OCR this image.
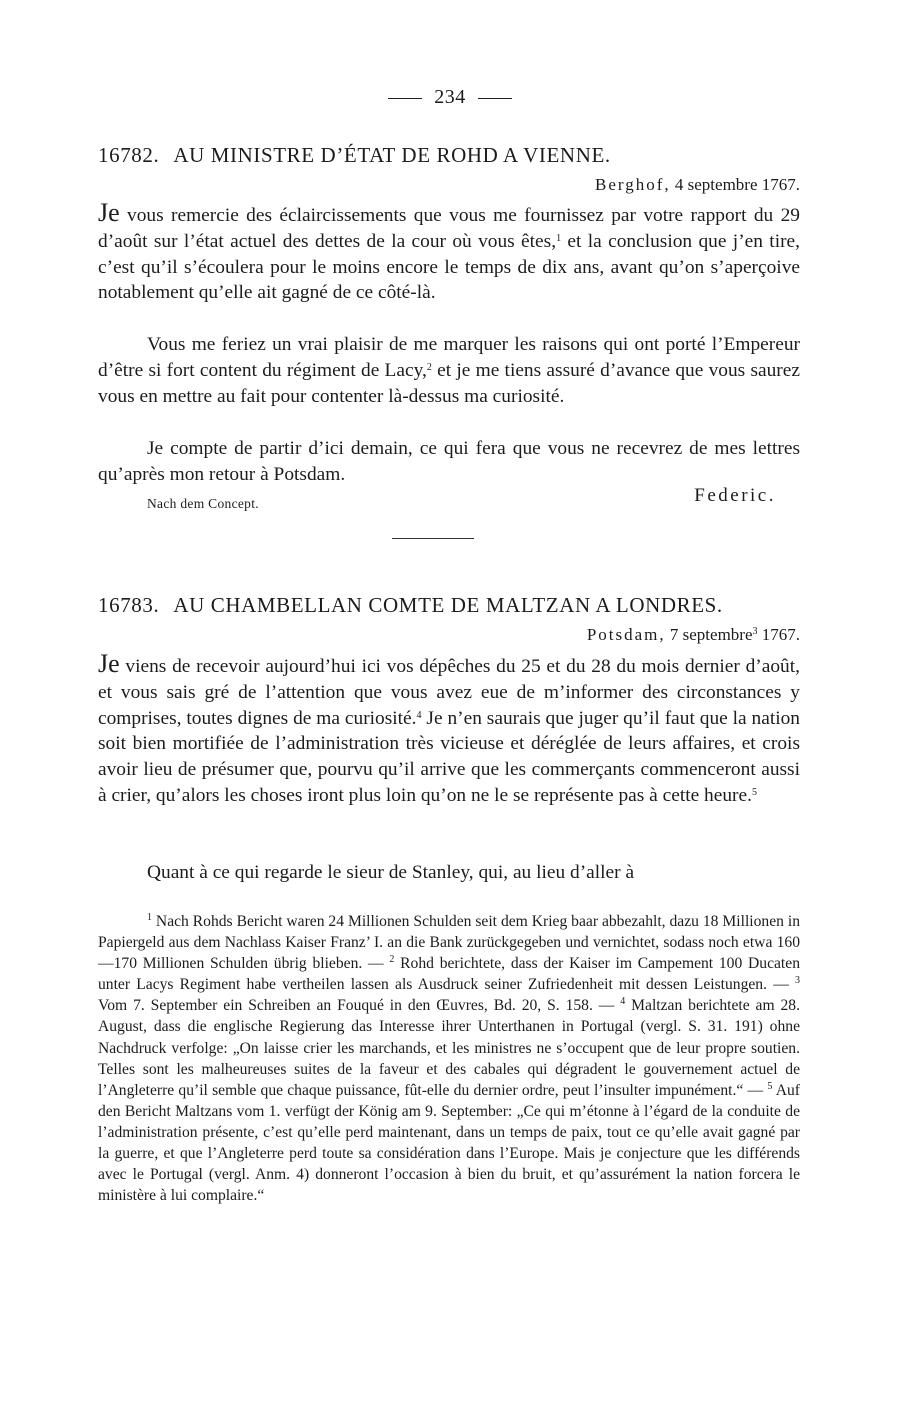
234
16782. AU MINISTRE D’ÉTAT DE ROHD A VIENNE.
Berghof, 4 septembre 1767.

Je vous remercie des éclaircissements que vous me fournissez par votre rapport du 29 d’août sur l’état actuel des dettes de la cour où vous êtes,$^1$ et la conclusion que j’en tire, c’est qu’il s’écoulera pour le moins encore le temps de dix ans, avant qu’on s’aperçoive notablement qu’elle ait gagné de ce côté-là.

Vous me feriez un vrai plaisir de me marquer les raisons qui ont porté l’Empereur d’être si fort content du régiment de Lacy,$^2$ et je me tiens assuré d’avance que vous saurez vous en mettre au fait pour contenter là-dessus ma curiosité.

Je compte de partir d’ici demain, ce qui fera que vous ne recevrez de mes lettres qu’après mon retour à Potsdam.

Nach dem Concept.	Federic.
16783. AU CHAMBELLAN COMTE DE MALTZAN A LONDRES.
Potsdam, 7 septembre$^3$ 1767.

Je viens de recevoir aujourd’hui ici vos dépêches du 25 et du 28 du mois dernier d’août, et vous sais gré de l’attention que vous avez eue de m’informer des circonstances y comprises, toutes dignes de ma curiosité.$^4$ Je n’en saurais que juger qu’il faut que la nation soit bien mortifiée de l’administration très vicieuse et déréglée de leurs affaires, et crois avoir lieu de présumer que, pourvu qu’il arrive que les commerçants commenceront aussi à crier, qu’alors les choses iront plus loin qu’on ne le se représente pas à cette heure.$^5$

Quant à ce qui regarde le sieur de Stanley, qui, au lieu d’aller à

$^1$ Nach Rohds Bericht waren 24 Millionen Schulden seit dem Krieg baar abbezahlt, dazu 18 Millionen in Papiergeld aus dem Nachlass Kaiser Franz’ I. an die Bank zurückgegeben und vernichtet, sodass noch etwa 160—170 Millionen Schulden übrig blieben. — $^2$ Rohd berichtete, dass der Kaiser im Campement 100 Ducaten unter Lacys Regiment habe vertheilen lassen als Ausdruck seiner Zufriedenheit mit dessen Leistungen. — $^3$ Vom 7. September ein Schreiben an Fouqué in den Œuvres, Bd. 20, S. 158. — $^4$ Maltzan berichtete am 28. August, dass die englische Regierung das Interesse ihrer Unterthanen in Portugal (vergl. S. 31. 191) ohne Nachdruck verfolge: „On laisse crier les marchands, et les ministres ne s’occupent que de leur propre soutien. Telles sont les malheureuses suites de la faveur et des cabales qui dégradent le gouvernement actuel de l’Angleterre qu’il semble que chaque puissance, fût-elle du dernier ordre, peut l’insulter impunément.“ — $^5$ Auf den Bericht Maltzans vom 1. verfügt der König am 9. September: „Ce qui m’étonne à l’égard de la conduite de l’administration présente, c’est qu’elle perd maintenant, dans un temps de paix, tout ce qu’elle avait gagné par la guerre, et que l’Angleterre perd toute sa considération dans l’Europe. Mais je conjecture que les différends avec le Portugal (vergl. Anm. 4) donneront l’occasion à bien du bruit, et qu’assurément la nation forcera le ministère à lui complaire.“
